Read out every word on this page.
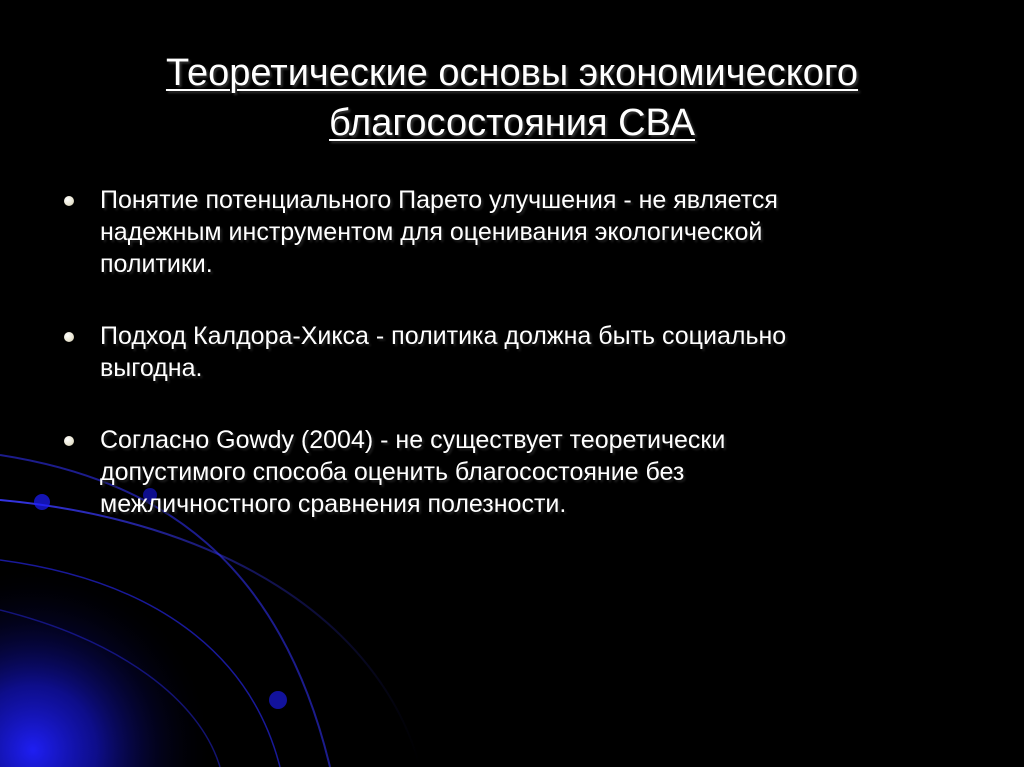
Теоретические основы экономического
благосостояния СВА
Понятие потенциального Парето улучшения - не является
надежным инструментом для оценивания экологической
политики.
Подход Калдора-Хикса - политика должна быть социально
выгодна.
Согласно Gowdy (2004) - не существует теоретически
допустимого способа оценить благосостояние без
межличностного сравнения полезности.
